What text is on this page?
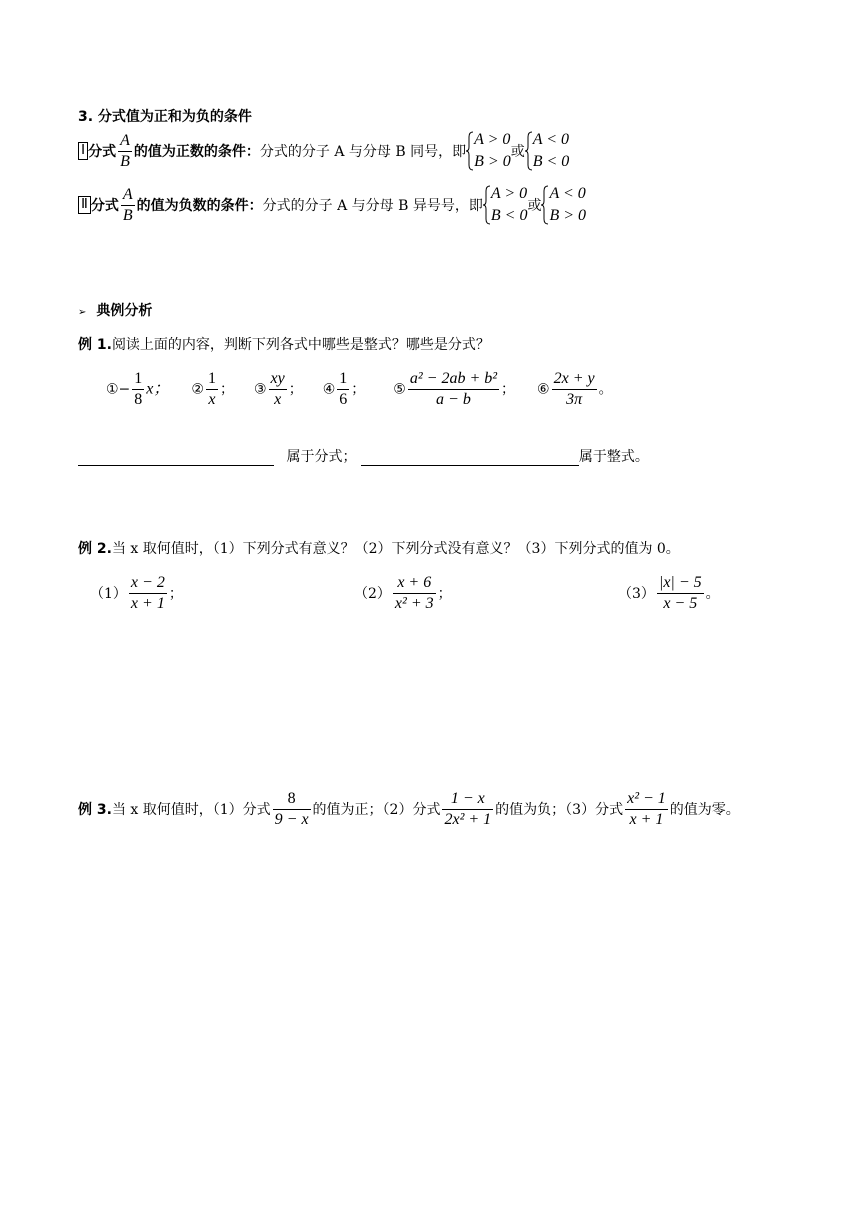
3. 分式值为正和为负的条件
Ⅰ 分式 $\frac{A}{B}$ 的值为正数的条件： 分式的分子 A 与分母 B 同号，即
A > 0
B > 0
或
A < 0
B < 0
Ⅱ 分式 $\frac{A}{B}$ 的值为负数的条件： 分式的分子 A 与分母 B 异号号，即
A > 0
B < 0
或
A < 0
B > 0
➢ 典例分析
例 1.阅读上面的内容，判断下列各式中哪些是整式？哪些是分式？
①− $\frac{1}{8}$ x； ② $\frac{1}{x}$ ； ③ $\frac{xy}{x}$ ； ④ $\frac{1}{6}$ ； ⑤ $\frac{\text{a² − 2ab + b²}}{a - b}$ ； ⑥ $\frac{2x + y}{3\pi}$ 。
属于分式；	属于整式。
例 2.当 x 取何值时，（1）下列分式有意义？（2）下列分式没有意义？（3）下列分式的值为 0。
$(1) \frac{x - 2}{x + 1}$ ；	$(2) \frac{x + 6}{\text{x² + 3}}$ ；	$(3) \frac{|x| - 5}{x - 5}$ 。
例 3. 当 x 取何值时，（1）分式 $\frac{8}{9 - x}$ 的值为正；（2）分式 $\frac{1 - x}{\text{2x² + 1}}$ 的值为负；（3）分式 $\frac{\text{x² − 1}}{x + 1}$ 的值为零。
